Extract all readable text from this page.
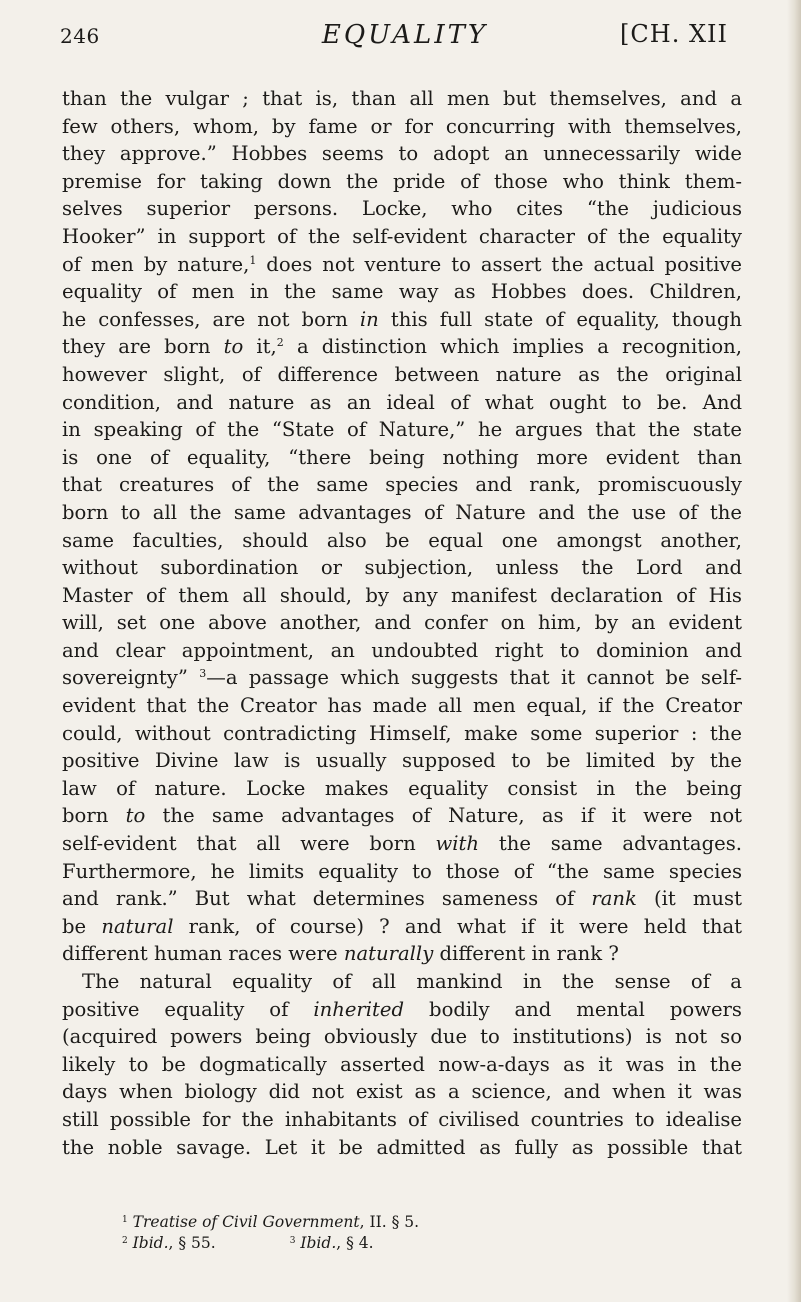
246	EQUALITY	[CH. XII
than the vulgar ; that is, than all men but themselves, and a
few others, whom, by fame or for concurring with themselves,
they approve.” Hobbes seems to adopt an unnecessarily wide
premise for taking down the pride of those who think them-
selves superior persons. Locke, who cites “the judicious
Hooker” in support of the self-evident character of the equality
of men by nature,$^1$ does not venture to assert the actual positive
equality of men in the same way as Hobbes does. Children,
he confesses, are not born in this full state of equality, though
they are born to it,$^2$ a distinction which implies a recognition,
however slight, of difference between nature as the original
condition, and nature as an ideal of what ought to be. And
in speaking of the “State of Nature,” he argues that the state
is one of equality, “there being nothing more evident than
that creatures of the same species and rank, promiscuously
born to all the same advantages of Nature and the use of the
same faculties, should also be equal one amongst another,
without subordination or subjection, unless the Lord and
Master of them all should, by any manifest declaration of His
will, set one above another, and confer on him, by an evident
and clear appointment, an undoubted right to dominion and
sovereignty” $^3$—a passage which suggests that it cannot be self-
evident that the Creator has made all men equal, if the Creator
could, without contradicting Himself, make some superior : the
positive Divine law is usually supposed to be limited by the
law of nature. Locke makes equality consist in the being
born to the same advantages of Nature, as if it were not
self-evident that all were born with the same advantages.
Furthermore, he limits equality to those of “the same species
and rank.” But what determines sameness of rank (it must
be natural rank, of course) ? and what if it were held that
different human races were naturally different in rank ?
The natural equality of all mankind in the sense of a
positive equality of inherited bodily and mental powers
(acquired powers being obviously due to institutions) is not so
likely to be dogmatically asserted now-a-days as it was in the
days when biology did not exist as a science, and when it was
still possible for the inhabitants of civilised countries to idealise
the noble savage. Let it be admitted as fully as possible that
$^1$ Treatise of Civil Government, II. § 5.
$^2$ Ibid., § 55.	$^3$ Ibid., § 4.
